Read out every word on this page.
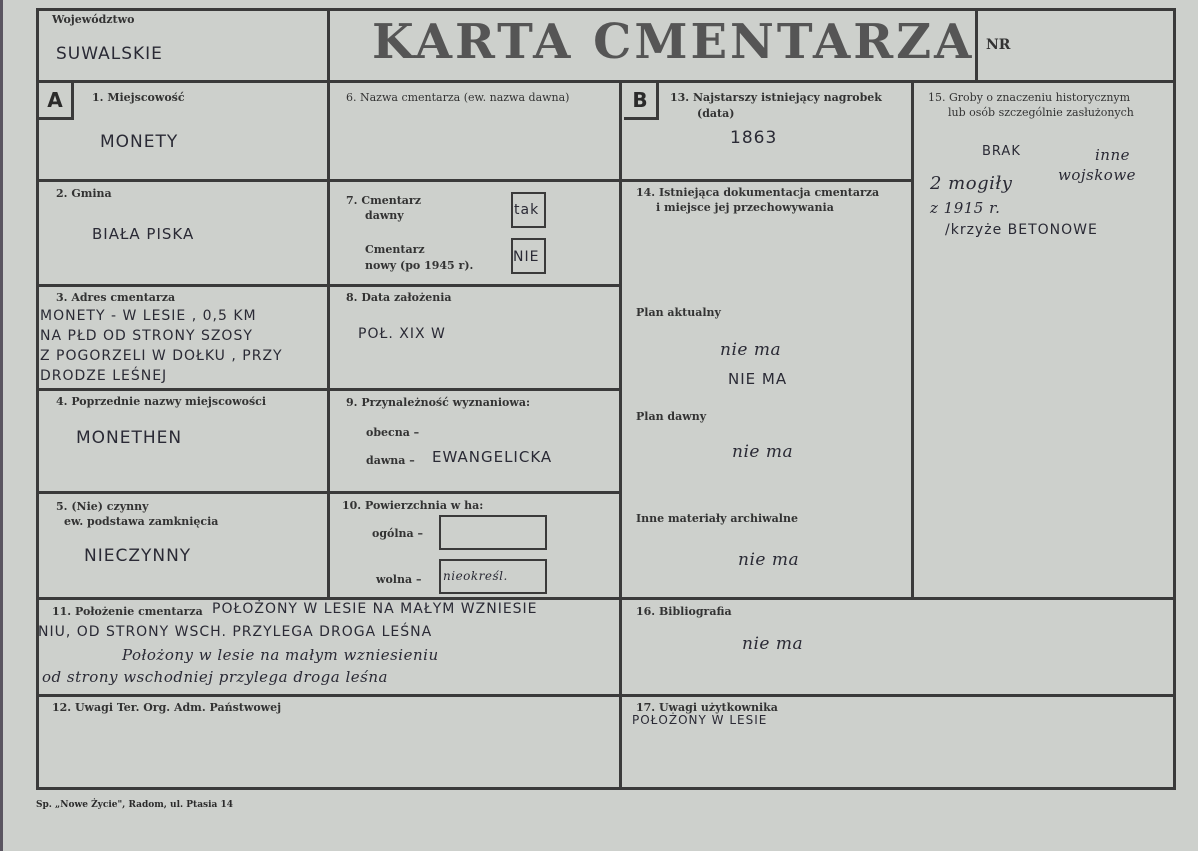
Województwo
SUWALSKIE	KARTA CMENTARZA NR
A	B
1. Miejscowość
MONETY
2. Gmina
BIAŁA PISKA
3. Adres cmentarza
MONETY - W LESIE , 0,5 KM
NA PŁD OD STRONY SZOSY
Z POGORZELI W DOŁKU , PRZY
DRODZE LEŚNEJ
4. Poprzednie nazwy miejscowości
MONETHEN
5. (Nie) czynny
ew. podstawa zamknięcia
NIECZYNNY
6. Nazwa cmentarza (ew. nazwa dawna)
7. Cmentarz
dawny	tak
Cmentarz
nowy (po 1945 r).
NIE
8. Data założenia
POŁ. XIX W
9. Przynależność wyznaniowa:
obecna –
dawna – EWANGELICKA
10. Powierzchnia w ha:
ogólna –
wolna – nieokreśl.
13. Najstarszy istniejący nagrobek
(data)
1863
14. Istniejąca dokumentacja cmentarza
i miejsce jej przechowywania
Plan aktualny
nie ma
NIE MA
Plan dawny
nie ma
Inne materiały archiwalne
nie ma
15. Groby o znaczeniu historycznym
lub osób szczególnie zasłużonych
BRAK	inne
wojskowe
2 mogiły
z 1915 r.
/krzyże BETONOWE
11. Położenie cmentarza POŁOŻONY W LESIE NA MAŁYM WZNIESIE
NIU, OD STRONY WSCH. PRZYLEGA DROGA LEŚNA
Położony w lesie na małym wzniesieniu
od strony wschodniej przylega droga leśna
12. Uwagi Ter. Org. Adm. Państwowej
16. Bibliografia
nie ma
17. Uwagi użytkownika
POŁOŻONY W LESIE
Sp. „Nowe Życie", Radom, ul. Ptasia 14
